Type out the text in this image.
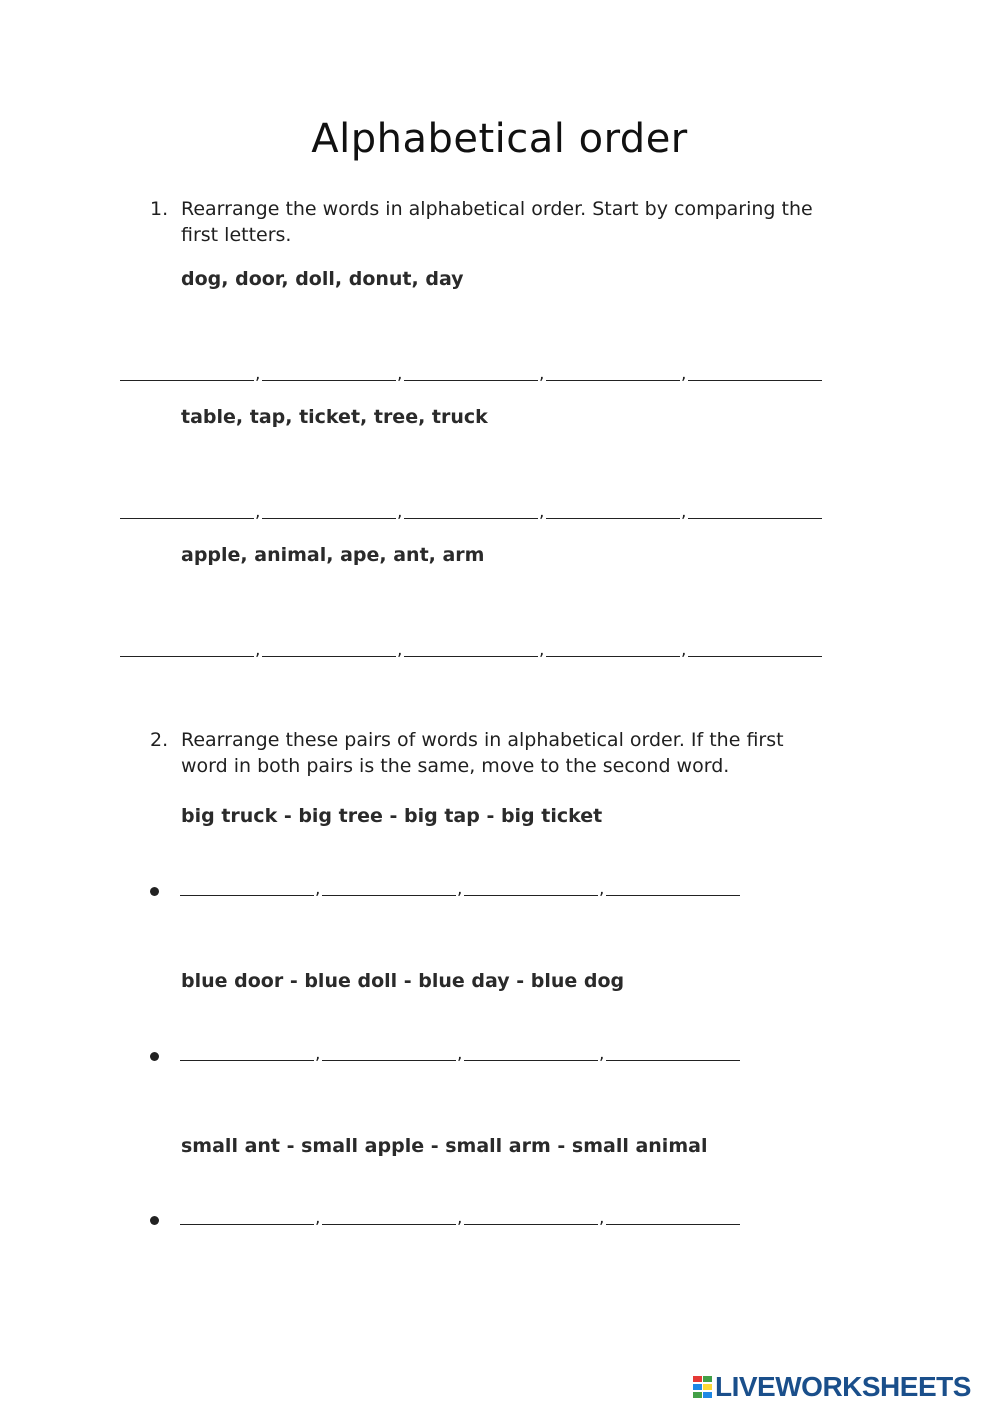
Alphabetical order
1. Rearrange the words in alphabetical order. Start by comparing the
first letters.
dog, door, doll, donut, day
,	,	,	,
table, tap, ticket, tree, truck
,	,	,	,
apple, animal, ape, ant, arm
,	,	,	,
2. Rearrange these pairs of words in alphabetical order. If the first
word in both pairs is the same, move to the second word.
big truck - big tree - big tap - big ticket
,	,	,
blue door - blue doll - blue day - blue dog
,	,	,
small ant - small apple - small arm - small animal
,	,	,
LIVEWORKSHEETS
